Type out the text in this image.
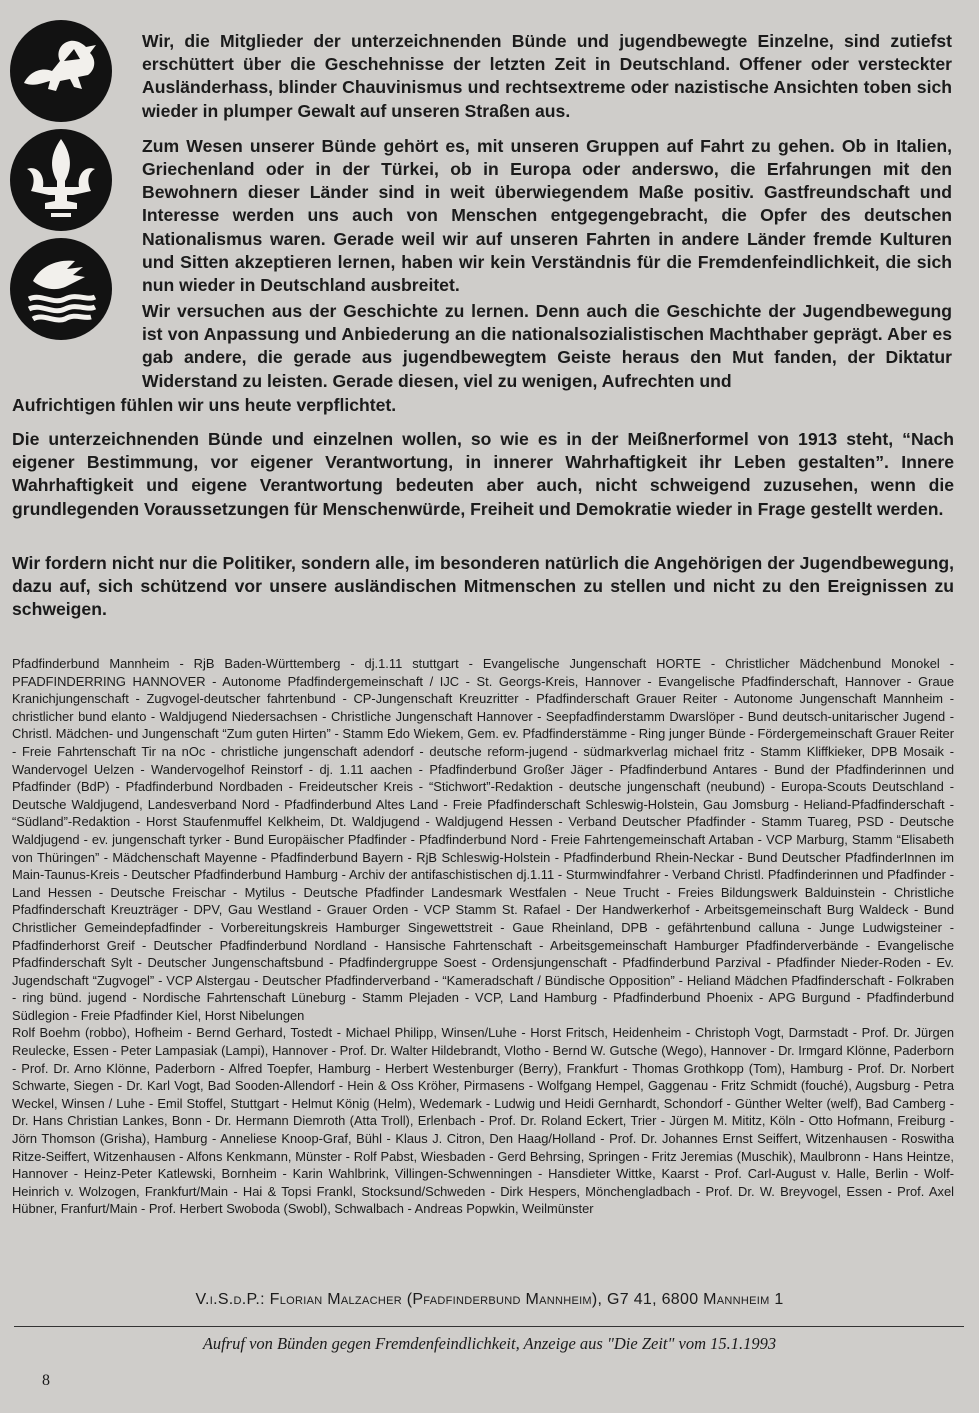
Wir, die Mitglieder der unterzeichnenden Bünde und jugendbewegte Einzelne, sind zutiefst erschüttert über die Geschehnisse der letzten Zeit in Deutschland. Offener oder versteckter Ausländerhass, blinder Chauvinismus und rechtsextreme oder nazistische Ansichten toben sich wieder in plumper Gewalt auf unseren Straßen aus.

Zum Wesen unserer Bünde gehört es, mit unseren Gruppen auf Fahrt zu gehen. Ob in Italien, Griechenland oder in der Türkei, ob in Europa oder anderswo, die Erfahrungen mit den Bewohnern dieser Länder sind in weit überwiegendem Maße positiv. Gastfreundschaft und Interesse werden uns auch von Menschen entgegengebracht, die Opfer des deutschen Nationalismus waren. Gerade weil wir auf unseren Fahrten in andere Länder fremde Kulturen und Sitten akzeptieren lernen, haben wir kein Verständnis für die Fremdenfeindlichkeit, die sich nun wieder in Deutschland ausbreitet.

Wir versuchen aus der Geschichte zu lernen. Denn auch die Geschichte der Jugendbewegung ist von Anpassung und Anbiederung an die nationalsozialistischen Machthaber geprägt. Aber es gab andere, die gerade aus jugendbewegtem Geiste heraus den Mut fanden, der Diktatur Widerstand zu leisten. Gerade diesen, viel zu wenigen, Aufrechten und
Aufrichtigen fühlen wir uns heute verpflichtet.
Die unterzeichnenden Bünde und einzelnen wollen, so wie es in der Meißnerformel von 1913 steht, “Nach eigener Bestimmung, vor eigener Verantwortung, in innerer Wahrhaftigkeit ihr Leben gestalten”. Innere Wahrhaftigkeit und eigene Verantwortung bedeuten aber auch, nicht schweigend zuzusehen, wenn die grundlegenden Voraussetzungen für Menschenwürde, Freiheit und Demokratie wieder in Frage gestellt werden.
Wir fordern nicht nur die Politiker, sondern alle, im besonderen natürlich die Angehörigen der Jugendbewegung, dazu auf, sich schützend vor unsere ausländischen Mitmenschen zu stellen und nicht zu den Ereignissen zu schweigen.

Pfadfinderbund Mannheim - RjB Baden-Württemberg - dj.1.11 stuttgart - Evangelische Jungenschaft HORTE - Christlicher Mädchenbund Monokel - PFADFINDERRING HANNOVER - Autonome Pfadfindergemeinschaft / IJC - St. Georgs-Kreis, Hannover - Evangelische Pfadfinderschaft, Hannover - Graue Kranichjungenschaft - Zugvogel-deutscher fahrtenbund - CP-Jungenschaft Kreuzritter - Pfadfinderschaft Grauer Reiter - Autonome Jungenschaft Mannheim - christlicher bund elanto - Waldjugend Niedersachsen - Christliche Jungenschaft Hannover - Seepfadfinderstamm Dwarslöper - Bund deutsch-unitarischer Jugend - Christl. Mädchen- und Jungenschaft “Zum guten Hirten” - Stamm Edo Wiekem, Gem. ev. Pfadfinderstämme - Ring junger Bünde - Fördergemeinschaft Grauer Reiter - Freie Fahrtenschaft Tir na nOc - christliche jungenschaft adendorf - deutsche reform-jugend - südmarkverlag michael fritz - Stamm Kliffkieker, DPB Mosaik - Wandervogel Uelzen - Wandervogelhof Reinstorf - dj. 1.11 aachen - Pfadfinderbund Großer Jäger - Pfadfinderbund Antares - Bund der Pfadfinderinnen und Pfadfinder (BdP) - Pfadfinderbund Nordbaden - Freideutscher Kreis - “Stichwort”-Redaktion - deutsche jungenschaft (neubund) - Europa-Scouts Deutschland - Deutsche Waldjugend, Landesverband Nord - Pfadfinderbund Altes Land - Freie Pfadfinderschaft Schleswig-Holstein, Gau Jomsburg - Heliand-Pfadfinderschaft - “Südland”-Redaktion - Horst Staufenmuffel Kelkheim, Dt. Waldjugend - Waldjugend Hessen - Verband Deutscher Pfadfinder - Stamm Tuareg, PSD - Deutsche Waldjugend - ev. jungenschaft tyrker - Bund Europäischer Pfadfinder - Pfadfinderbund Nord - Freie Fahrtengemeinschaft Artaban - VCP Marburg, Stamm “Elisabeth von Thüringen” - Mädchenschaft Mayenne - Pfadfinderbund Bayern - RjB Schleswig-Holstein - Pfadfinderbund Rhein-Neckar - Bund Deutscher PfadfinderInnen im Main-Taunus-Kreis - Deutscher Pfadfinderbund Hamburg - Archiv der antifaschistischen dj.1.11 - Sturmwindfahrer - Verband Christl. Pfadfinderinnen und Pfadfinder - Land Hessen - Deutsche Freischar - Mytilus - Deutsche Pfadfinder Landesmark Westfalen - Neue Trucht - Freies Bildungswerk Balduinstein - Christliche Pfadfinderschaft Kreuzträger - DPV, Gau Westland - Grauer Orden - VCP Stamm St. Rafael - Der Handwerkerhof - Arbeitsgemeinschaft Burg Waldeck - Bund Christlicher Gemeindepfadfinder - Vorbereitungskreis Hamburger Singewettstreit - Gaue Rheinland, DPB - gefährtenbund calluna - Junge Ludwigsteiner - Pfadfinderhorst Greif - Deutscher Pfadfinderbund Nordland - Hansische Fahrtenschaft - Arbeitsgemeinschaft Hamburger Pfadfinderverbände - Evangelische Pfadfinderschaft Sylt - Deutscher Jungenschaftsbund - Pfadfindergruppe Soest - Ordensjungenschaft - Pfadfinderbund Parzival - Pfadfinder Nieder-Roden - Ev. Jugendschaft “Zugvogel” - VCP Alstergau - Deutscher Pfadfinderverband - “Kameradschaft / Bündische Opposition” - Heliand Mädchen Pfadfinderschaft - Folkraben - ring bünd. jugend - Nordische Fahrtenschaft Lüneburg - Stamm Plejaden - VCP, Land Hamburg - Pfadfinderbund Phoenix - APG Burgund - Pfadfinderbund Südlegion - Freie Pfadfinder Kiel, Horst Nibelungen

Rolf Boehm (robbo), Hofheim - Bernd Gerhard, Tostedt - Michael Philipp, Winsen/Luhe - Horst Fritsch, Heidenheim - Christoph Vogt, Darmstadt - Prof. Dr. Jürgen Reulecke, Essen - Peter Lampasiak (Lampi), Hannover - Prof. Dr. Walter Hildebrandt, Vlotho - Bernd W. Gutsche (Wego), Hannover - Dr. Irmgard Klönne, Paderborn - Prof. Dr. Arno Klönne, Paderborn - Alfred Toepfer, Hamburg - Herbert Westenburger (Berry), Frankfurt - Thomas Grothkopp (Tom), Hamburg - Prof. Dr. Norbert Schwarte, Siegen - Dr. Karl Vogt, Bad Sooden-Allendorf - Hein & Oss Kröher, Pirmasens - Wolfgang Hempel, Gaggenau - Fritz Schmidt (fouché), Augsburg - Petra Weckel, Winsen / Luhe - Emil Stoffel, Stuttgart - Helmut König (Helm), Wedemark - Ludwig und Heidi Gernhardt, Schondorf - Günther Welter (welf), Bad Camberg - Dr. Hans Christian Lankes, Bonn - Dr. Hermann Diemroth (Atta Troll), Erlenbach - Prof. Dr. Roland Eckert, Trier - Jürgen M. Mititz, Köln - Otto Hofmann, Freiburg - Jörn Thomson (Grisha), Hamburg - Anneliese Knoop-Graf, Bühl - Klaus J. Citron, Den Haag/Holland - Prof. Dr. Johannes Ernst Seiffert, Witzenhausen - Roswitha Ritze-Seiffert, Witzenhausen - Alfons Kenkmann, Münster - Rolf Pabst, Wiesbaden - Gerd Behrsing, Springen - Fritz Jeremias (Muschik), Maulbronn - Hans Heintze, Hannover - Heinz-Peter Katlewski, Bornheim - Karin Wahlbrink, Villingen-Schwenningen - Hansdieter Wittke, Kaarst - Prof. Carl-August v. Halle, Berlin - Wolf-Heinrich v. Wolzogen, Frankfurt/Main - Hai & Topsi Frankl, Stocksund/Schweden - Dirk Hespers, Mönchengladbach - Prof. Dr. W. Breyvogel, Essen - Prof. Axel Hübner, Franfurt/Main - Prof. Herbert Swoboda (Swobl), Schwalbach - Andreas Popwkin, Weilmünster

V.i.S.d.P.: Florian Malzacher (Pfadfinderbund Mannheim), G7 41, 6800 Mannheim 1
Aufruf von Bünden gegen Fremdenfeindlichkeit, Anzeige aus "Die Zeit" vom 15.1.1993
8
